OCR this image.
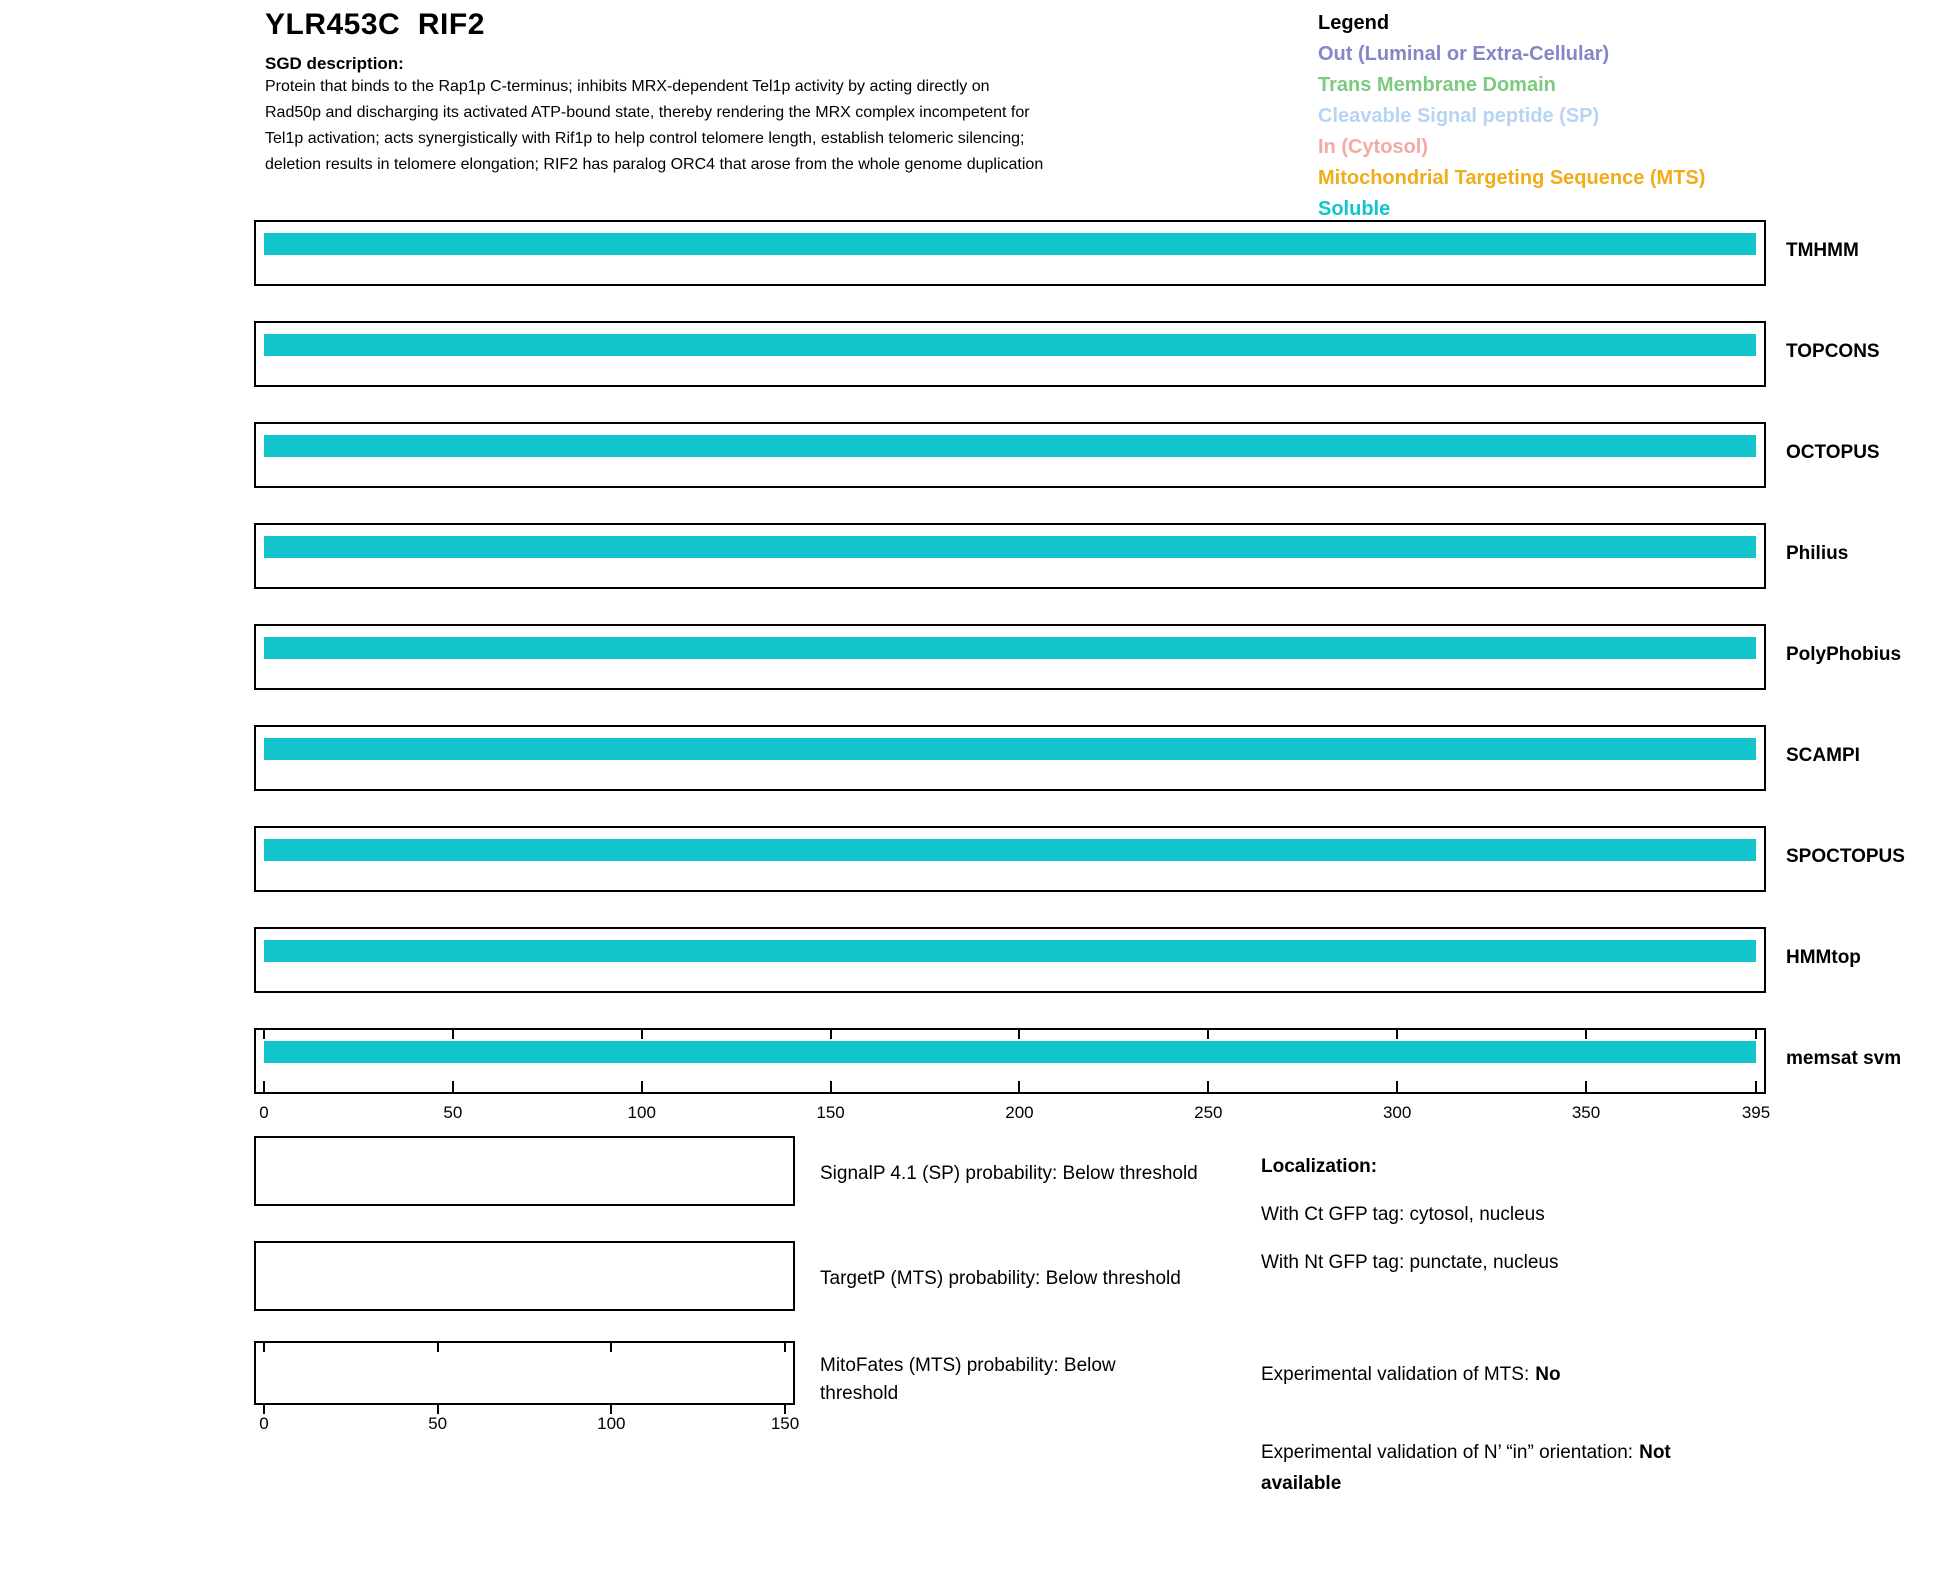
YLR453C  RIF2
SGD description:
Protein that binds to the Rap1p C-terminus; inhibits MRX-dependent Tel1p activity by acting directly on
Rad50p and discharging its activated ATP-bound state, thereby rendering the MRX complex incompetent for
Tel1p activation; acts synergistically with Rif1p to help control telomere length, establish telomeric silencing;
deletion results in telomere elongation; RIF2 has paralog ORC4 that arose from the whole genome duplication
Legend
Out (Luminal or Extra-Cellular)
Trans Membrane Domain
Cleavable Signal peptide (SP)
In (Cytosol)
Mitochondrial Targeting Sequence (MTS)
Soluble
TMHMM
TOPCONS
OCTOPUS
Philius
PolyPhobius
SCAMPI
SPOCTOPUS
HMMtop
memsat svm
0	50	100	150	200	250	300	350	395
SignalP 4.1 (SP) probability: Below threshold
TargetP (MTS) probability: Below threshold
MitoFates (MTS) probability: Below threshold
0	50	100	150
Localization:
With Ct GFP tag: cytosol, nucleus
With Nt GFP tag: punctate, nucleus
Experimental validation of MTS: No
Experimental validation of N’ “in” orientation: Not available
